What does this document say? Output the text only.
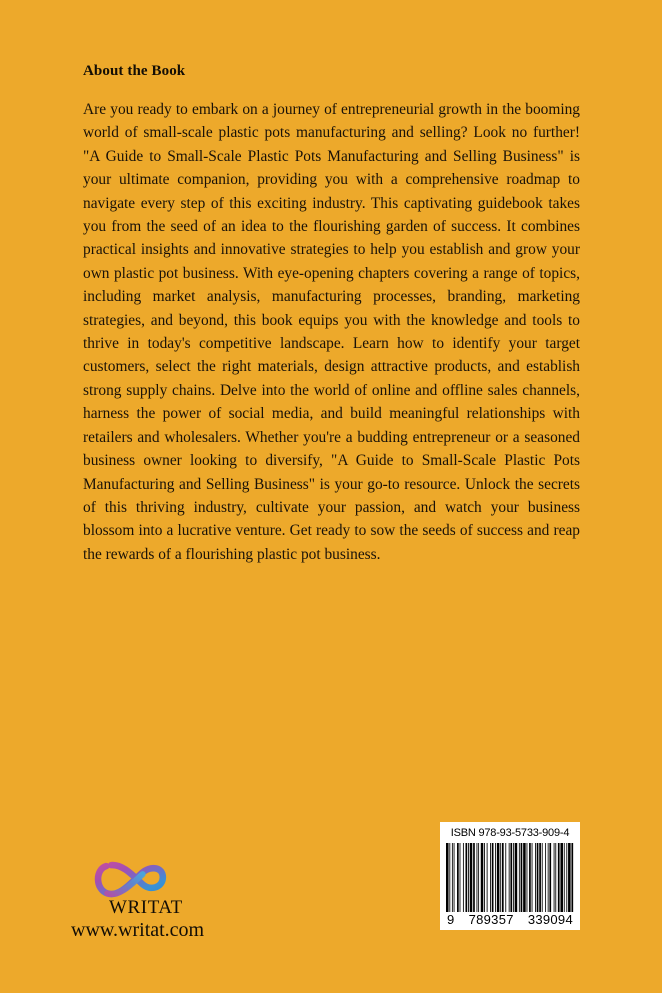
About the Book

Are you ready to embark on a journey of entrepreneurial growth in the booming world of small-scale plastic pots manufacturing and selling? Look no further! "A Guide to Small-Scale Plastic Pots Manufacturing and Selling Business" is your ultimate companion, providing you with a comprehensive roadmap to navigate every step of this exciting industry. This captivating guidebook takes you from the seed of an idea to the flourishing garden of success. It combines practical insights and innovative strategies to help you establish and grow your own plastic pot business. With eye-opening chapters covering a range of topics, including market analysis, manufacturing processes, branding, marketing strategies, and beyond, this book equips you with the knowledge and tools to thrive in today's competitive landscape. Learn how to identify your target customers, select the right materials, design attractive products, and establish strong supply chains. Delve into the world of online and offline sales channels, harness the power of social media, and build meaningful relationships with retailers and wholesalers. Whether you're a budding entrepreneur or a seasoned business owner looking to diversify, "A Guide to Small-Scale Plastic Pots Manufacturing and Selling Business" is your go-to resource. Unlock the secrets of this thriving industry, cultivate your passion, and watch your business blossom into a lucrative venture. Get ready to sow the seeds of success and reap the rewards of a flourishing plastic pot business.

WRITAT
www.writat.com
ISBN 978-93-5733-909-4
9 789357 339094
